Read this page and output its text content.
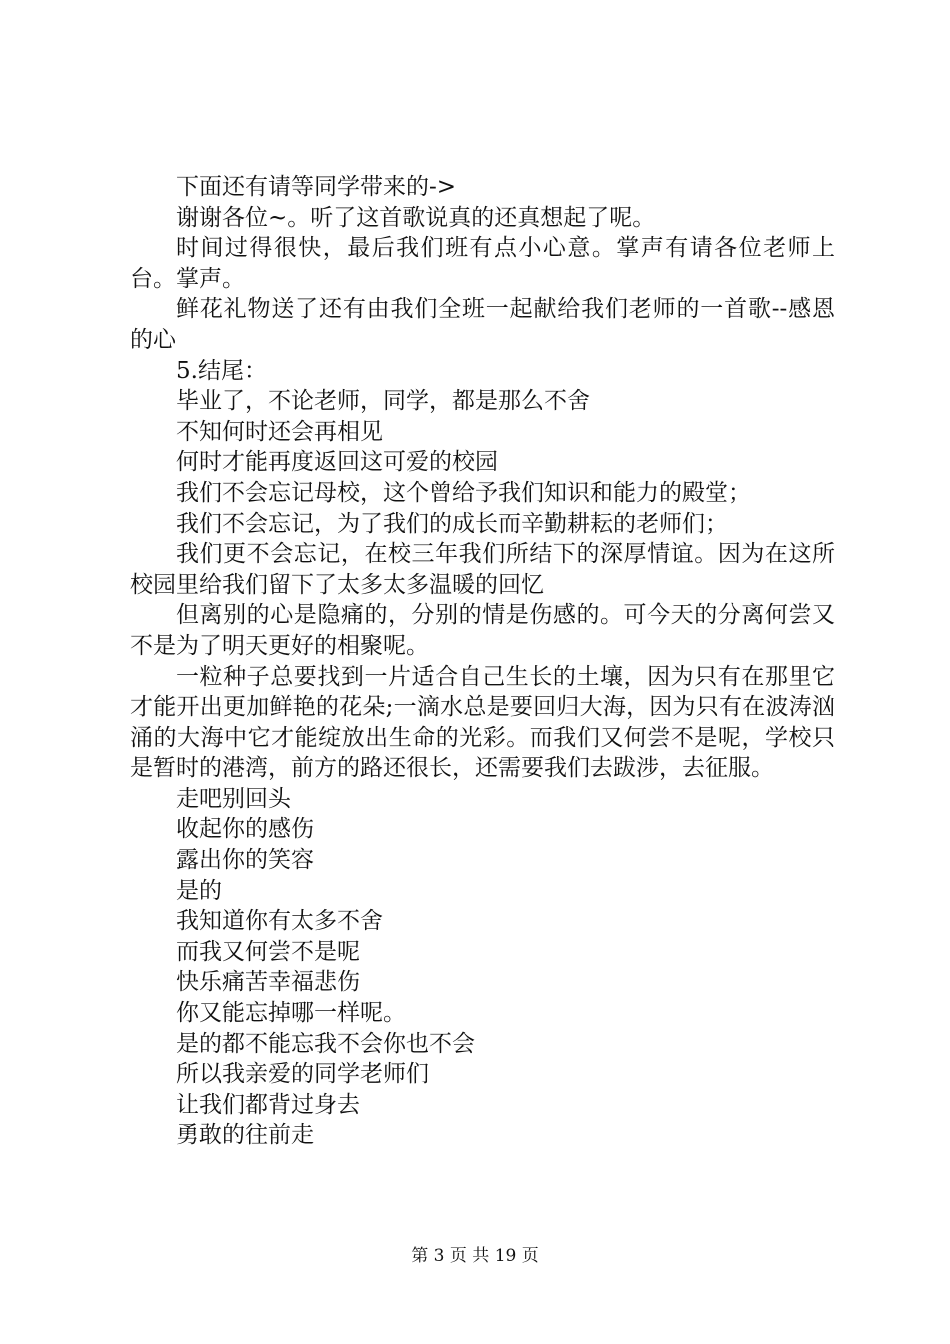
下面还有请等同学带来的->

谢谢各位~。听了这首歌说真的还真想起了呢。

时间过得很快，最后我们班有点小心意。掌声有请各位老师上台。掌声。

鲜花礼物送了还有由我们全班一起献给我们老师的一首歌--感恩的心

5.结尾：

毕业了，不论老师，同学，都是那么不舍

不知何时还会再相见

何时才能再度返回这可爱的校园

我们不会忘记母校，这个曾给予我们知识和能力的殿堂；

我们不会忘记，为了我们的成长而辛勤耕耘的老师们；

我们更不会忘记，在校三年我们所结下的深厚情谊。因为在这所校园里给我们留下了太多太多温暖的回忆

但离别的心是隐痛的，分别的情是伤感的。可今天的分离何尝又不是为了明天更好的相聚呢。

一粒种子总要找到一片适合自己生长的土壤，因为只有在那里它才能开出更加鲜艳的花朵;一滴水总是要回归大海，因为只有在波涛汹涌的大海中它才能绽放出生命的光彩。而我们又何尝不是呢，学校只是暂时的港湾，前方的路还很长，还需要我们去跋涉，去征服。

走吧别回头

收起你的感伤

露出你的笑容

是的

我知道你有太多不舍

而我又何尝不是呢

快乐痛苦幸福悲伤

你又能忘掉哪一样呢。

是的都不能忘我不会你也不会

所以我亲爱的同学老师们

让我们都背过身去

勇敢的往前走

第 3 页 共 19 页
